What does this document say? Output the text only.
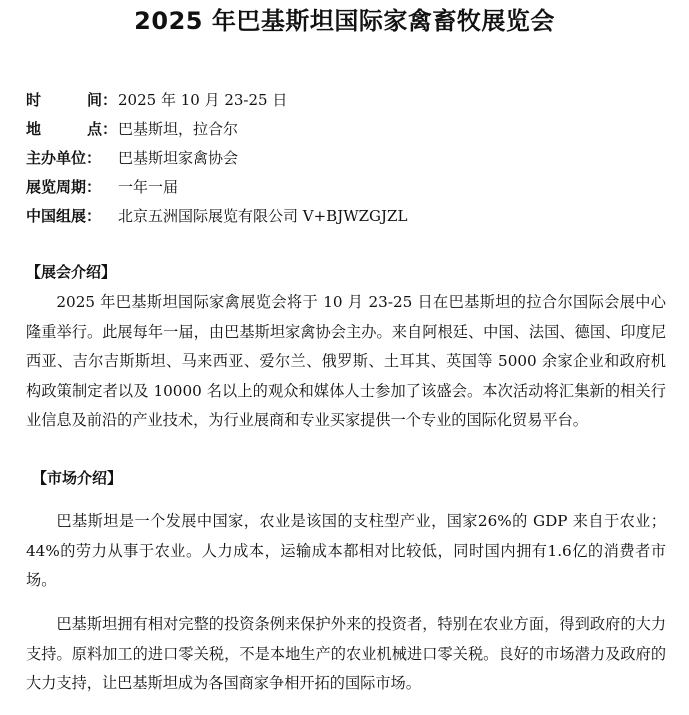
2025 年巴基斯坦国际家禽畜牧展览会
时间：2025 年 10 月 23-25 日
地点：巴基斯坦，拉合尔
主办单位： 巴基斯坦家禽协会
展览周期： 一年一届
中国组展： 北京五洲国际展览有限公司 V+BJWZGJZL
【展会介绍】

2025 年巴基斯坦国际家禽展览会将于 10 月 23-25 日在巴基斯坦的拉合尔国际会展中心隆重举行。此展每年一届，由巴基斯坦家禽协会主办。来自阿根廷、中国、法国、德国、印度尼西亚、吉尔吉斯斯坦、马来西亚、爱尔兰、俄罗斯、土耳其、英国等 5000 余家企业和政府机构政策制定者以及 10000 名以上的观众和媒体人士参加了该盛会。本次活动将汇集新的相关行业信息及前沿的产业技术，为行业展商和专业买家提供一个专业的国际化贸易平台。

【市场介绍】

巴基斯坦是一个发展中国家，农业是该国的支柱型产业，国家26%的 GDP 来自于农业；44%的劳力从事于农业。人力成本，运输成本都相对比较低，同时国内拥有1.6亿的消费者市场。

巴基斯坦拥有相对完整的投资条例来保护外来的投资者，特别在农业方面，得到政府的大力支持。原料加工的进口零关税，不是本地生产的农业机械进口零关税。良好的市场潜力及政府的大力支持，让巴基斯坦成为各国商家争相开拓的国际市场。
